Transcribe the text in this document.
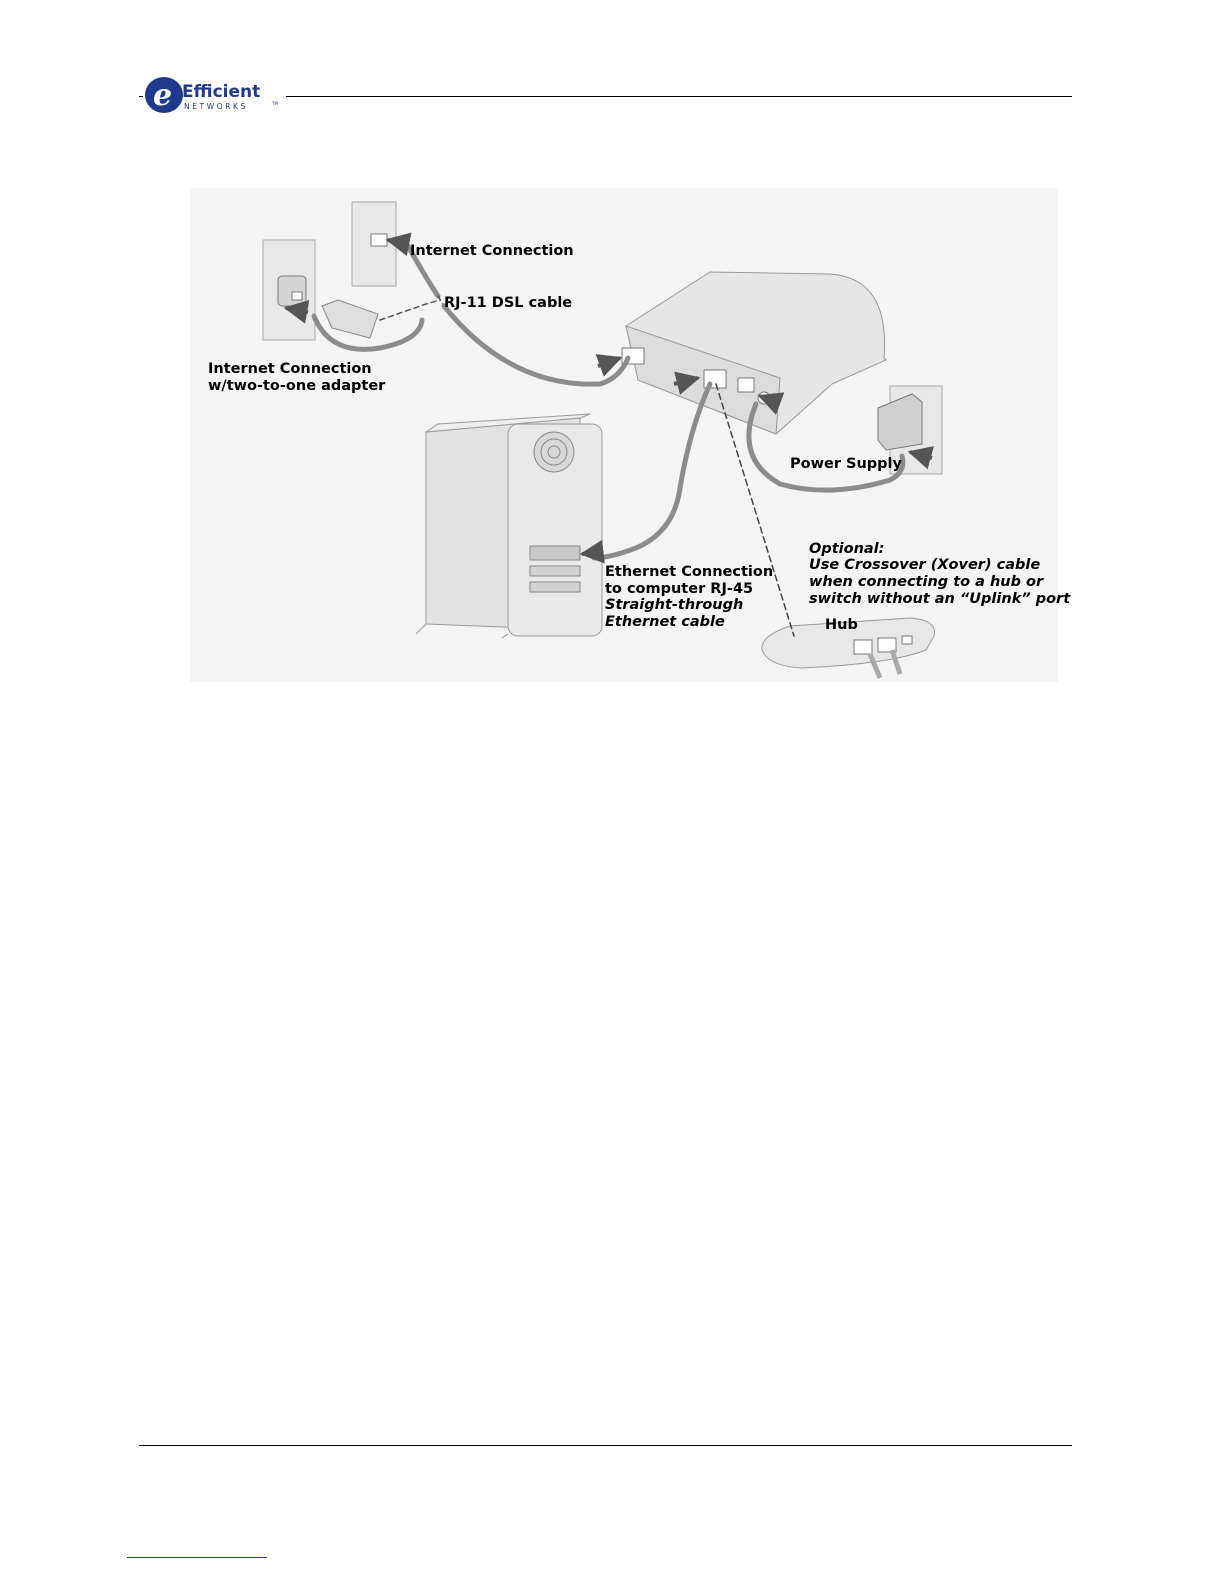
e Efficient
NETWORKS	TM
Internet Connection
RJ-11 DSL cable
Internet Connection
w/two-to-one adapter
Power Supply
Optional:
Use Crossover (Xover) cable
when connecting to a hub or
switch without an “Uplink” port
Ethernet Connection
to computer RJ-45
Straight-through
Ethernet cable	Hub
